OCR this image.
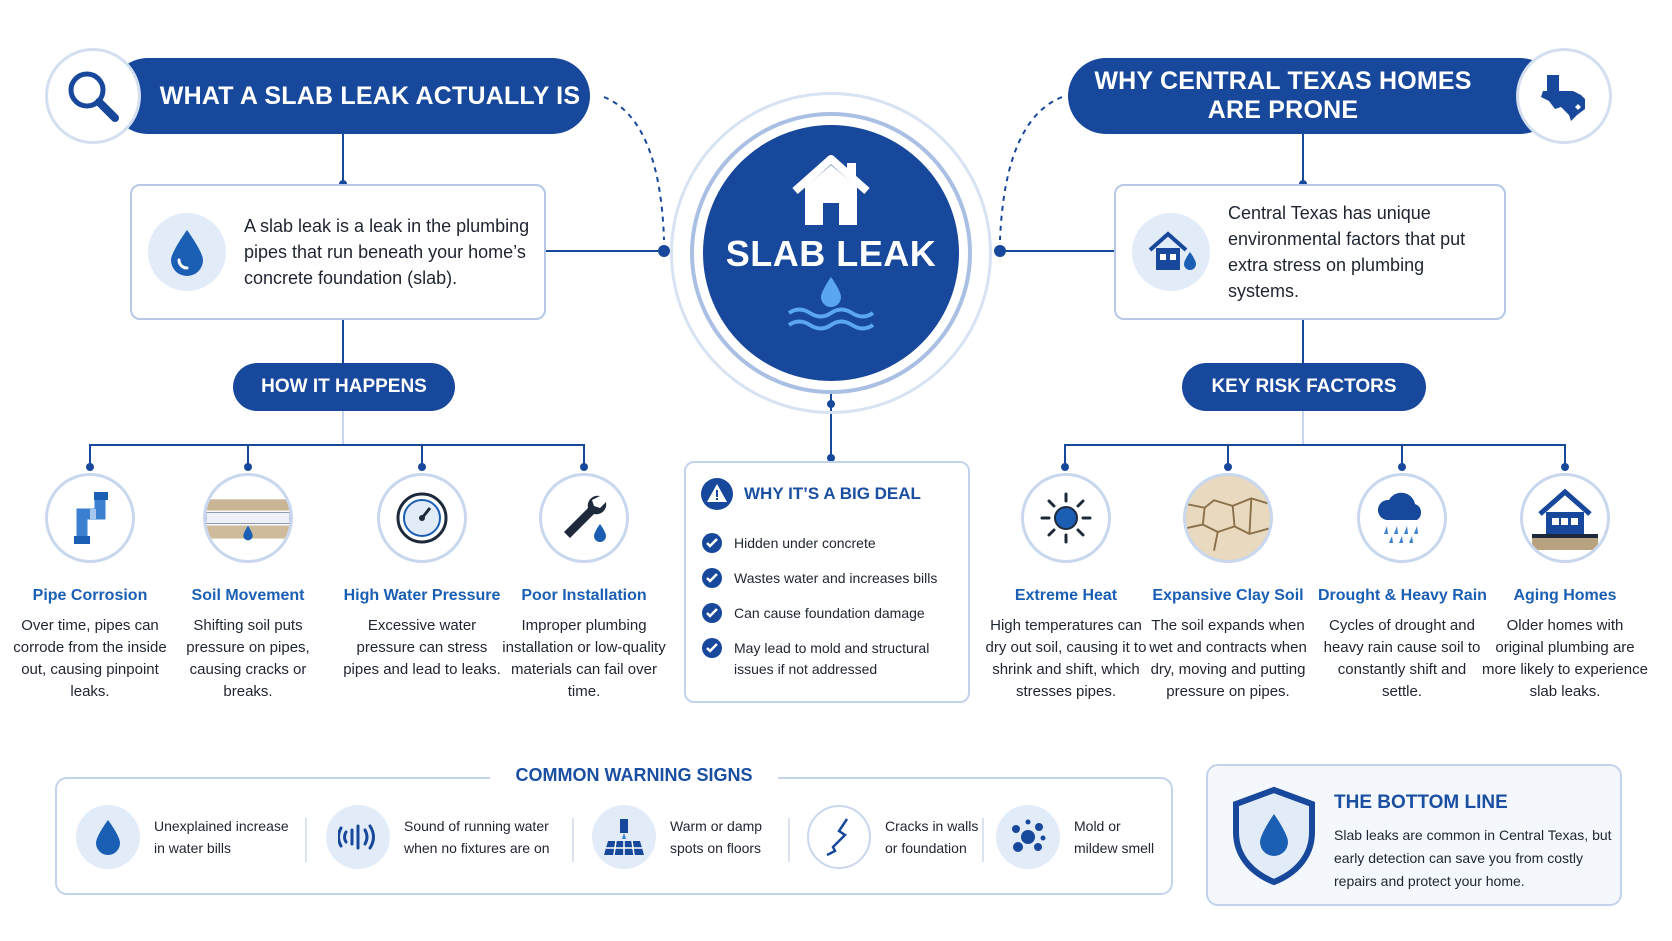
WHAT A SLAB LEAK ACTUALLY IS
WHY CENTRAL TEXAS HOMES ARE PRONE
A slab leak is a leak in the plumbing pipes that run beneath your home’s concrete foundation (slab).
Central Texas has unique environmental factors that put extra stress on plumbing systems.
HOW IT HAPPENS	KEY RISK FACTORS
SLAB LEAK
Pipe Corrosion
Over time, pipes can corrode from the inside out, causing pinpoint leaks.
Soil Movement
Shifting soil puts pressure on pipes, causing cracks or breaks.
High Water Pressure
Excessive water pressure can stress pipes and lead to leaks.
Poor Installation
Improper plumbing installation or low-quality materials can fail over time.
WHY IT’S A BIG DEAL
Hidden under concrete
Wastes water and increases bills
Can cause foundation damage
May lead to mold and structural issues if not addressed
Extreme Heat
High temperatures can dry out soil, causing it to shrink and shift, which stresses pipes.
Expansive Clay Soil
The soil expands when wet and contracts when dry, moving and putting pressure on pipes.
Drought & Heavy Rain
Cycles of drought and heavy rain cause soil to constantly shift and settle.
Aging Homes
Older homes with original plumbing are more likely to experience slab leaks.
COMMON WARNING SIGNS
Unexplained increase in water bills
Sound of running water when no fixtures are on
Warm or damp spots on floors
Cracks in walls or foundation
Mold or mildew smell
THE BOTTOM LINE
Slab leaks are common in Central Texas, but early detection can save you from costly repairs and protect your home.
